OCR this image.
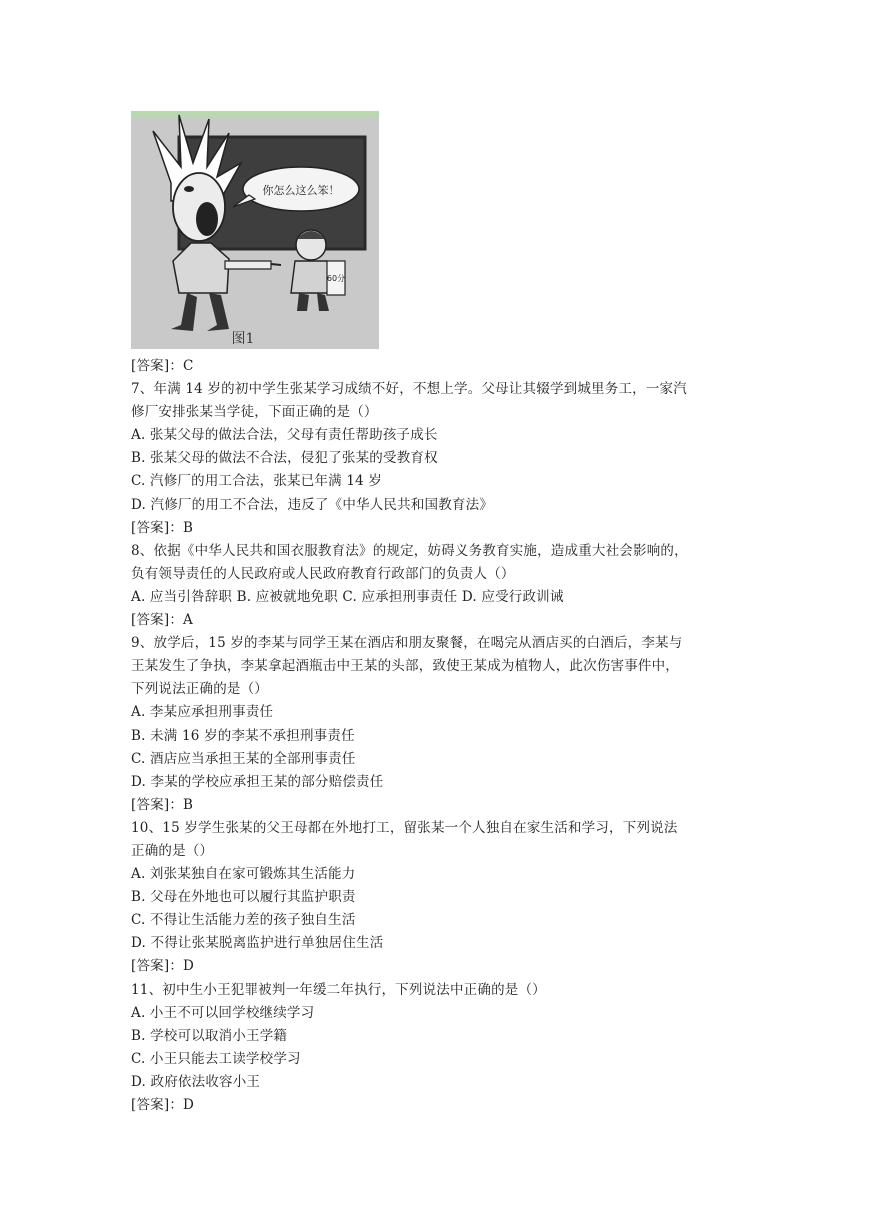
你怎么这么笨！
60分
图1
[答案]：C
7、年满 14 岁的初中学生张某学习成绩不好，不想上学。父母让其辍学到城里务工，一家汽
修厂安排张某当学徒，下面正确的是（）
A. 张某父母的做法合法，父母有责任帮助孩子成长
B. 张某父母的做法不合法，侵犯了张某的受教育权
C. 汽修厂的用工合法，张某已年满 14 岁
D. 汽修厂的用工不合法，违反了《中华人民共和国教育法》
[答案]：B
8、依据《中华人民共和国衣服教育法》的规定，妨碍义务教育实施，造成重大社会影响的，
负有领导责任的人民政府或人民政府教育行政部门的负责人（）
A. 应当引咎辞职 B. 应被就地免职 C. 应承担刑事责任 D. 应受行政训诫
[答案]：A
9、放学后，15 岁的李某与同学王某在酒店和朋友聚餐，在喝完从酒店买的白酒后，李某与
王某发生了争执，李某拿起酒瓶击中王某的头部，致使王某成为植物人，此次伤害事件中，
下列说法正确的是（）
A. 李某应承担刑事责任
B. 未满 16 岁的李某不承担刑事责任
C. 酒店应当承担王某的全部刑事责任
D. 李某的学校应承担王某的部分赔偿责任
[答案]：B
10、15 岁学生张某的父王母都在外地打工，留张某一个人独自在家生活和学习，下列说法
正确的是（）
A. 刘张某独自在家可锻炼其生活能力
B. 父母在外地也可以履行其监护职责
C. 不得让生活能力差的孩子独自生活
D. 不得让张某脱离监护进行单独居住生活
[答案]：D
11、初中生小王犯罪被判一年缓二年执行，下列说法中正确的是（）
A. 小王不可以回学校继续学习
B. 学校可以取消小王学籍
C. 小王只能去工读学校学习
D. 政府依法收容小王
[答案]：D
